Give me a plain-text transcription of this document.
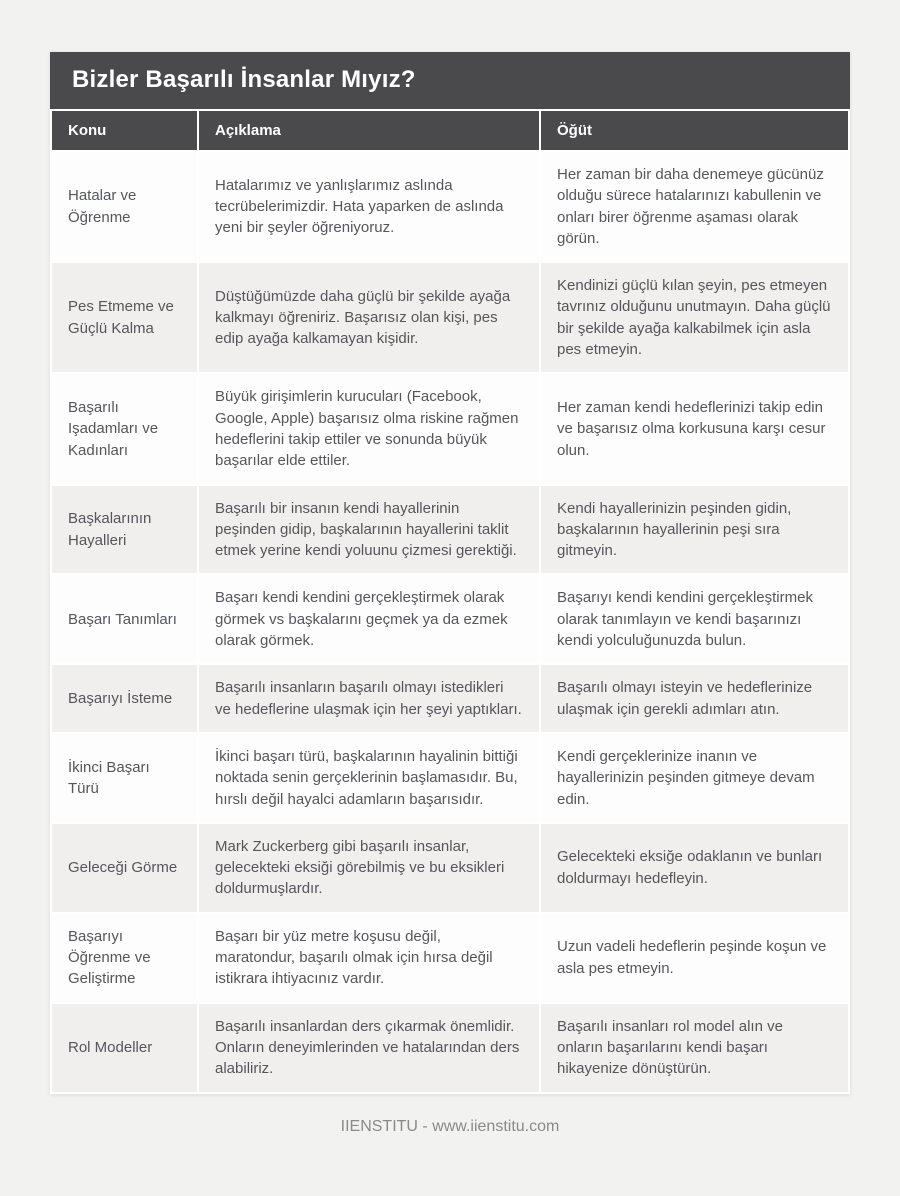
Bizler Başarılı İnsanlar Mıyız?
Konu	Açıklama	Öğüt
Hatalar ve Öğrenme	Hatalarımız ve yanlışlarımız aslında tecrübelerimizdir. Hata yaparken de aslında yeni bir şeyler öğreniyoruz.	Her zaman bir daha denemeye gücünüz olduğu sürece hatalarınızı kabullenin ve onları birer öğrenme aşaması olarak görün.
Pes Etmeme ve Güçlü Kalma	Düştüğümüzde daha güçlü bir şekilde ayağa kalkmayı öğreniriz. Başarısız olan kişi, pes edip ayağa kalkamayan kişidir.	Kendinizi güçlü kılan şeyin, pes etmeyen tavrınız olduğunu unutmayın. Daha güçlü bir şekilde ayağa kalkabilmek için asla pes etmeyin.
Başarılı Işadamları ve Kadınları	Büyük girişimlerin kurucuları (Facebook, Google, Apple) başarısız olma riskine rağmen hedeflerini takip ettiler ve sonunda büyük başarılar elde ettiler.	Her zaman kendi hedeflerinizi takip edin ve başarısız olma korkusuna karşı cesur olun.
Başkalarının Hayalleri	Başarılı bir insanın kendi hayallerinin peşinden gidip, başkalarının hayallerini taklit etmek yerine kendi yoluunu çizmesi gerektiği.	Kendi hayallerinizin peşinden gidin, başkalarının hayallerinin peşi sıra gitmeyin.
Başarı Tanımları	Başarı kendi kendini gerçekleştirmek olarak görmek vs başkalarını geçmek ya da ezmek olarak görmek.	Başarıyı kendi kendini gerçekleştirmek olarak tanımlayın ve kendi başarınızı kendi yolculuğunuzda bulun.
Başarıyı İsteme	Başarılı insanların başarılı olmayı istedikleri ve hedeflerine ulaşmak için her şeyi yaptıkları.	Başarılı olmayı isteyin ve hedeflerinize ulaşmak için gerekli adımları atın.
İkinci Başarı Türü	İkinci başarı türü, başkalarının hayalinin bittiği noktada senin gerçeklerinin başlamasıdır. Bu, hırslı değil hayalci adamların başarısıdır.	Kendi gerçeklerinize inanın ve hayallerinizin peşinden gitmeye devam edin.
Geleceği Görme	Mark Zuckerberg gibi başarılı insanlar, gelecekteki eksiği görebilmiş ve bu eksikleri doldurmuşlardır.	Gelecekteki eksiğe odaklanın ve bunları doldurmayı hedefleyin.
Başarıyı Öğrenme ve Geliştirme	Başarı bir yüz metre koşusu değil, maratondur, başarılı olmak için hırsa değil istikrara ihtiyacınız vardır.	Uzun vadeli hedeflerin peşinde koşun ve asla pes etmeyin.
Rol Modeller	Başarılı insanlardan ders çıkarmak önemlidir. Onların deneyimlerinden ve hatalarından ders alabiliriz.	Başarılı insanları rol model alın ve onların başarılarını kendi başarı hikayenize dönüştürün.
IIENSTITU - www.iienstitu.com
